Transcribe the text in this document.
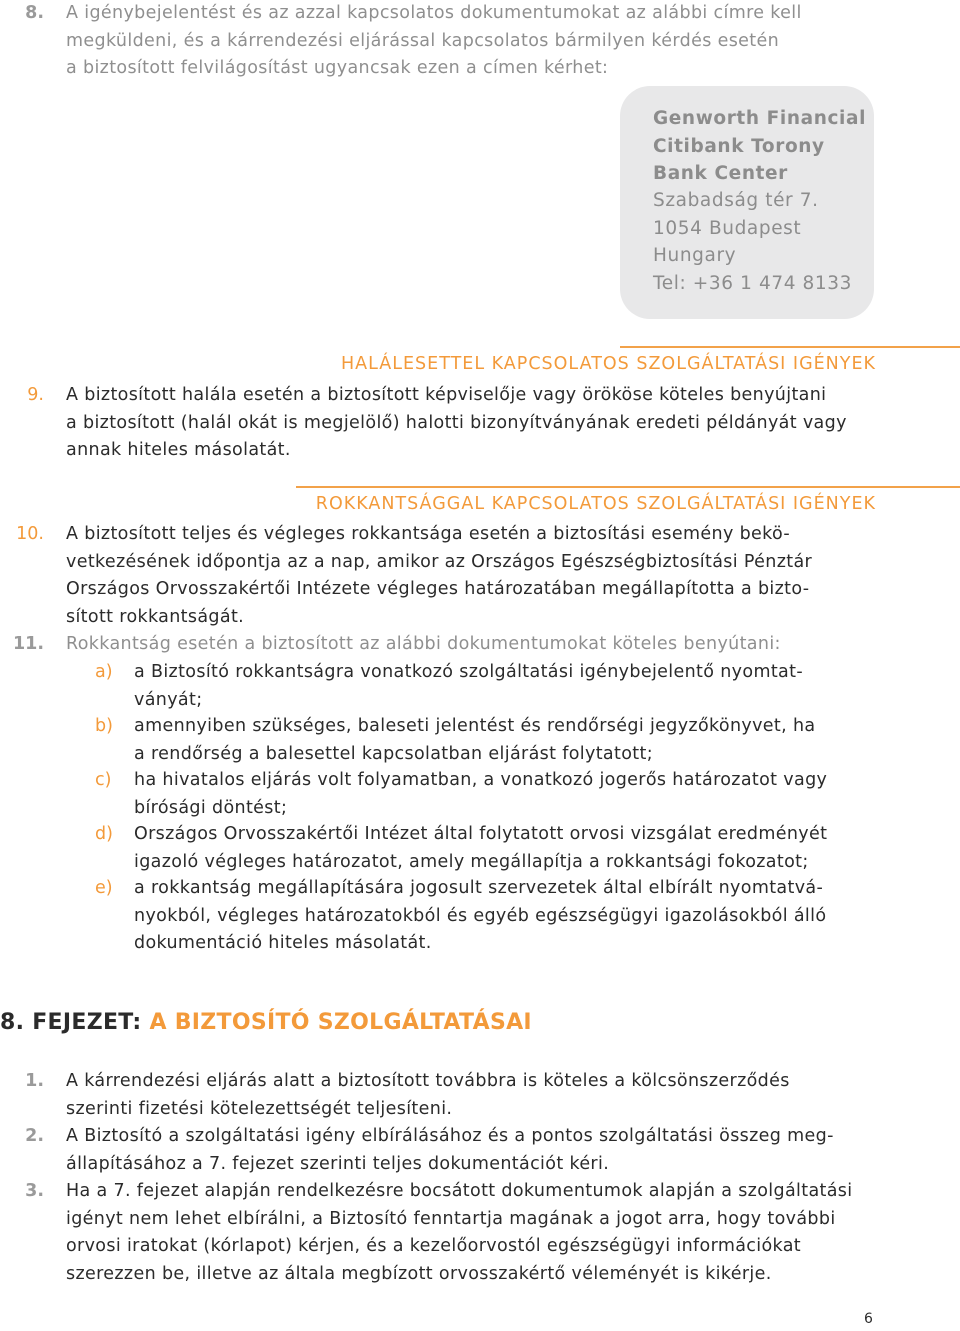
8. A igénybejelentést és az azzal kapcsolatos dokumentumokat az alábbi címre kell
megküldeni, és a kárrendezési eljárással kapcsolatos bármilyen kérdés esetén
a biztosított felvilágosítást ugyancsak ezen a címen kérhet:
Genworth Financial
Citibank Torony
Bank Center
Szabadság tér 7.
1054 Budapest
Hungary
Tel: +36 1 474 8133
HALÁLESETTEL KAPCSOLATOS SZOLGÁLTATÁSI IGÉNYEK
9. A biztosított halála esetén a biztosított képviselője vagy örököse köteles benyújtani
a biztosított (halál okát is megjelölő) halotti bizonyítványának eredeti példányát vagy
annak hiteles másolatát.
ROKKANTSÁGGAL KAPCSOLATOS SZOLGÁLTATÁSI IGÉNYEK
10. A biztosított teljes és végleges rokkantsága esetén a biztosítási esemény bekö-
vetkezésének időpontja az a nap, amikor az Országos Egészségbiztosítási Pénztár
Országos Orvosszakértői Intézete végleges határozatában megállapította a bizto-
sított rokkantságát.
11. Rokkantság esetén a biztosított az alábbi dokumentumokat köteles benyútani:
a)	a Biztosító rokkantságra vonatkozó szolgáltatási igénybejelentő nyomtat-
ványát;
b)	amennyiben szükséges, baleseti jelentést és rendőrségi jegyzőkönyvet, ha
a rendőrség a balesettel kapcsolatban eljárást folytatott;
c)	ha hivatalos eljárás volt folyamatban, a vonatkozó jogerős határozatot vagy
bírósági döntést;
d)	Országos Orvosszakértői Intézet által folytatott orvosi vizsgálat eredményét
igazoló végleges határozatot, amely megállapítja a rokkantsági fokozatot;
e)	a rokkantság megállapítására jogosult szervezetek által elbírált nyomtatvá-
nyokból, végleges határozatokból és egyéb egészségügyi igazolásokból álló
dokumentáció hiteles másolatát.
8. FEJEZET: A BIZTOSÍTÓ SZOLGÁLTATÁSAI
1. A kárrendezési eljárás alatt a biztosított továbbra is köteles a kölcsönszerződés
szerinti fizetési kötelezettségét teljesíteni.
2. A Biztosító a szolgáltatási igény elbírálásához és a pontos szolgáltatási összeg meg-
állapításához a 7. fejezet szerinti teljes dokumentációt kéri.
3. Ha a 7. fejezet alapján rendelkezésre bocsátott dokumentumok alapján a szolgáltatási
igényt nem lehet elbírálni, a Biztosító fenntartja magának a jogot arra, hogy további
orvosi iratokat (kórlapot) kérjen, és a kezelőorvostól egészségügyi információkat
szerezzen be, illetve az általa megbízott orvosszakértő véleményét is kikérje.
6
